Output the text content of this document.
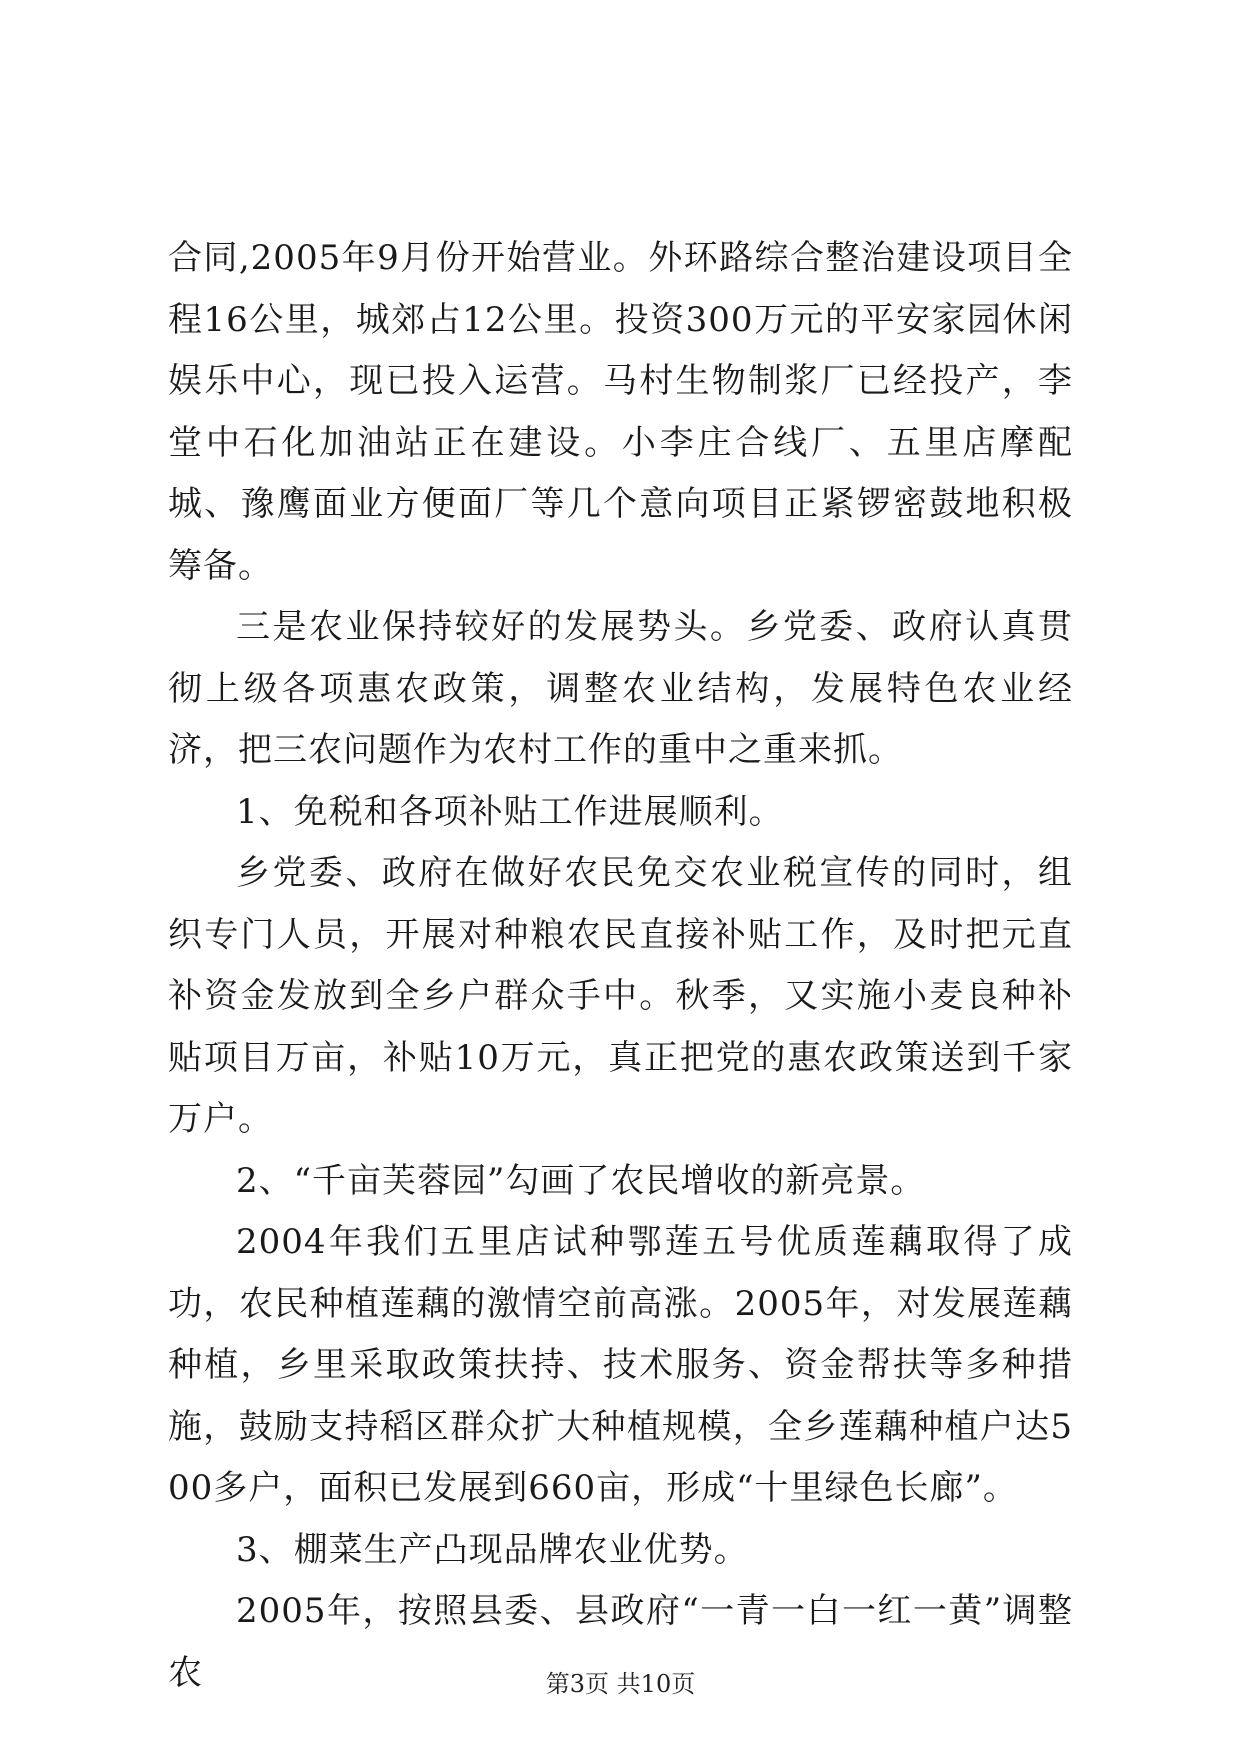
合同,2005年9月份开始营业。外环路综合整治建设项目全程16公里，城郊占12公里。投资300万元的平安家园休闲娱乐中心，现已投入运营。马村生物制浆厂已经投产，李堂中石化加油站正在建设。小李庄合线厂、五里店摩配城、豫鹰面业方便面厂等几个意向项目正紧锣密鼓地积极筹备。

三是农业保持较好的发展势头。乡党委、政府认真贯彻上级各项惠农政策，调整农业结构，发展特色农业经济，把三农问题作为农村工作的重中之重来抓。

1、免税和各项补贴工作进展顺利。

乡党委、政府在做好农民免交农业税宣传的同时，组织专门人员，开展对种粮农民直接补贴工作，及时把元直补资金发放到全乡户群众手中。秋季，又实施小麦良种补贴项目万亩，补贴10万元，真正把党的惠农政策送到千家万户。

2、“千亩芙蓉园”勾画了农民增收的新亮景。

2004年我们五里店试种鄂莲五号优质莲藕取得了成功，农民种植莲藕的激情空前高涨。2005年，对发展莲藕种植，乡里采取政策扶持、技术服务、资金帮扶等多种措施，鼓励支持稻区群众扩大种植规模，全乡莲藕种植户达500多户，面积已发展到660亩，形成“十里绿色长廊”。

3、棚菜生产凸现品牌农业优势。

2005年，按照县委、县政府“一青一白一红一黄”调整农	第3页 共10页
